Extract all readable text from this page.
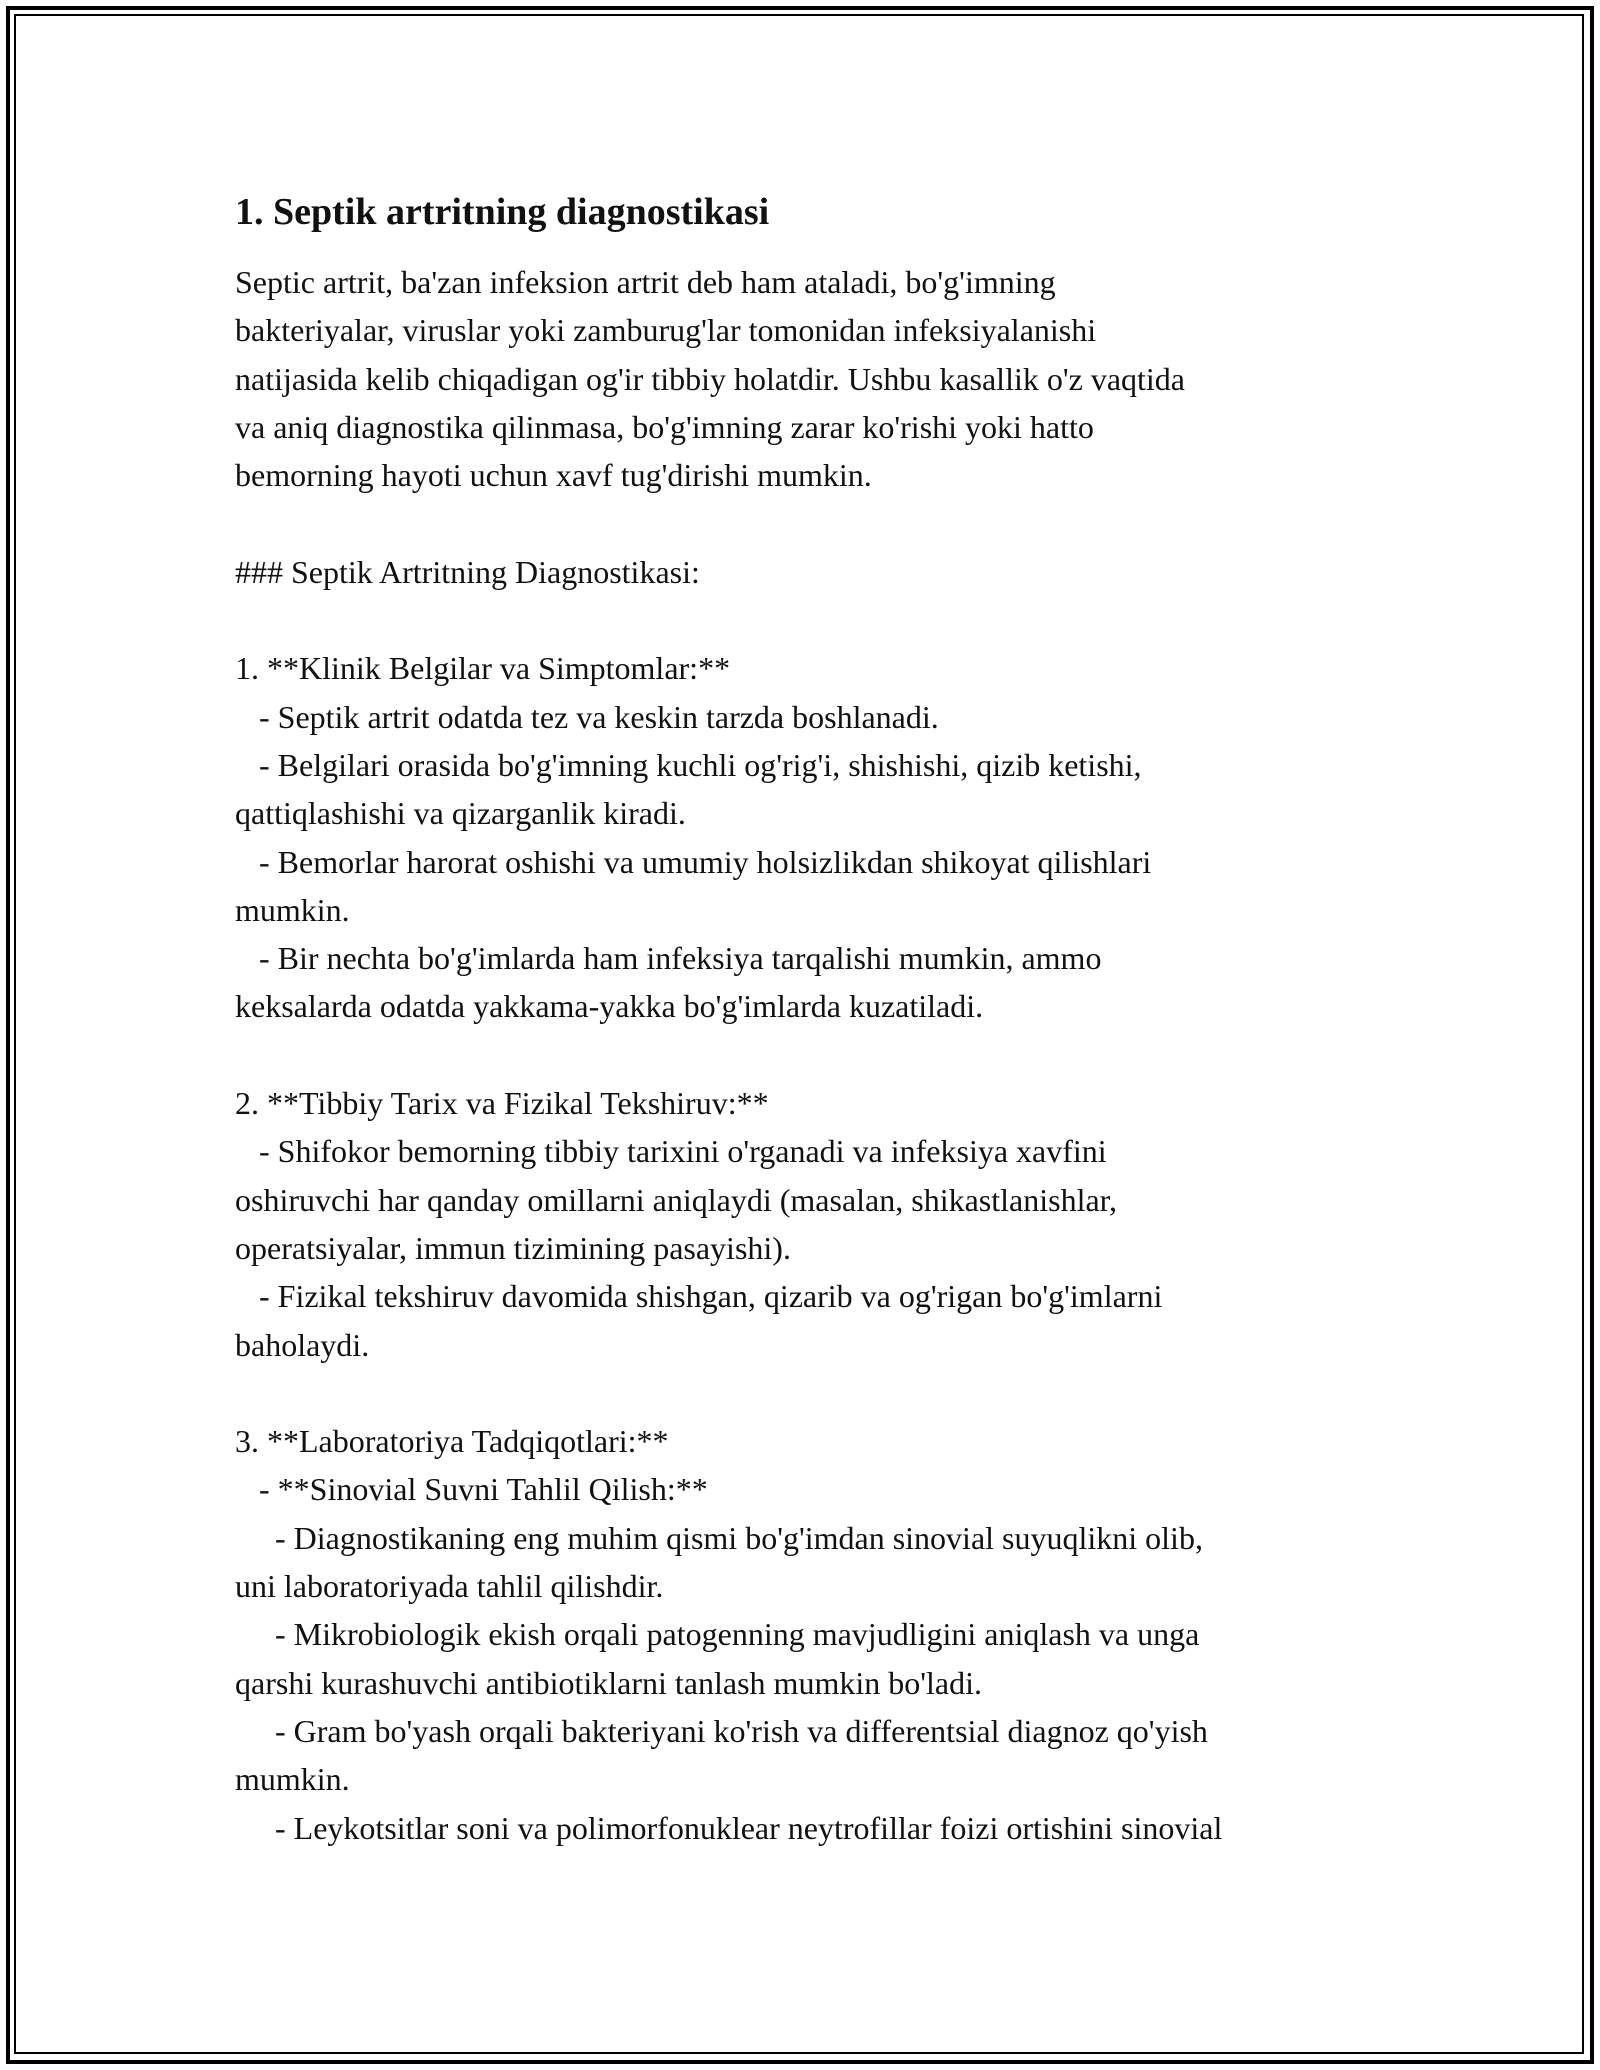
1. Septik artritning diagnostikasi

Septic artrit, ba'zan infeksion artrit deb ham ataladi, bo'g'imning
bakteriyalar, viruslar yoki zamburug'lar tomonidan infeksiyalanishi
natijasida kelib chiqadigan og'ir tibbiy holatdir. Ushbu kasallik o'z vaqtida
va aniq diagnostika qilinmasa, bo'g'imning zarar ko'rishi yoki hatto
bemorning hayoti uchun xavf tug'dirishi mumkin.

### Septik Artritning Diagnostikasi:

1. **Klinik Belgilar va Simptomlar:**
- Septik artrit odatda tez va keskin tarzda boshlanadi.
- Belgilari orasida bo'g'imning kuchli og'rig'i, shishishi, qizib ketishi,
qattiqlashishi va qizarganlik kiradi.
- Bemorlar harorat oshishi va umumiy holsizlikdan shikoyat qilishlari
mumkin.
- Bir nechta bo'g'imlarda ham infeksiya tarqalishi mumkin, ammo
keksalarda odatda yakkama-yakka bo'g'imlarda kuzatiladi.

2. **Tibbiy Tarix va Fizikal Tekshiruv:**
- Shifokor bemorning tibbiy tarixini o'rganadi va infeksiya xavfini
oshiruvchi har qanday omillarni aniqlaydi (masalan, shikastlanishlar,
operatsiyalar, immun tizimining pasayishi).
- Fizikal tekshiruv davomida shishgan, qizarib va og'rigan bo'g'imlarni
baholaydi.

3. **Laboratoriya Tadqiqotlari:**
- **Sinovial Suvni Tahlil Qilish:**
- Diagnostikaning eng muhim qismi bo'g'imdan sinovial suyuqlikni olib,
uni laboratoriyada tahlil qilishdir.
- Mikrobiologik ekish orqali patogenning mavjudligini aniqlash va unga
qarshi kurashuvchi antibiotiklarni tanlash mumkin bo'ladi.
- Gram bo'yash orqali bakteriyani ko'rish va differentsial diagnoz qo'yish
mumkin.
- Leykotsitlar soni va polimorfonuklear neytrofillar foizi ortishini sinovial
